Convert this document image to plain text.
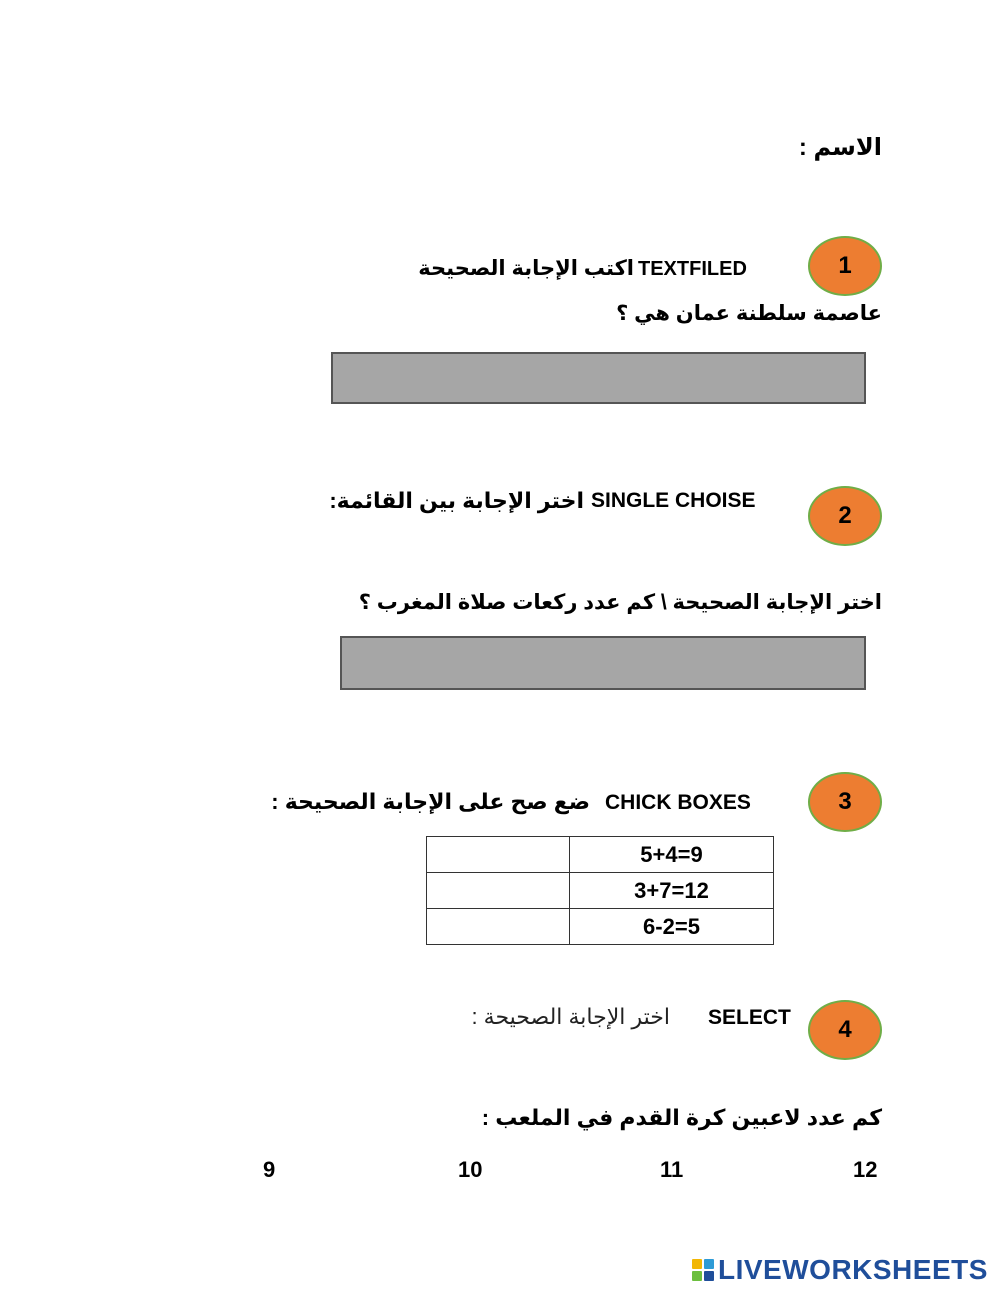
الاسم :
1
TEXTFILED
اكتب الإجابة الصحيحة
عاصمة سلطنة عمان هي ؟
2
SINGLE CHOISE
اختر الإجابة بين القائمة:
اختر الإجابة الصحيحة \ كم عدد ركعات صلاة المغرب ؟
3
CHICK BOXES
ضع صح على الإجابة الصحيحة :
	5+4=9
	3+7=12
	6-2=5
4
SELECT
اختر الإجابة الصحيحة :
كم عدد لاعبين كرة القدم في الملعب :
12
11
10
9
LIVEWORKSHEETS
